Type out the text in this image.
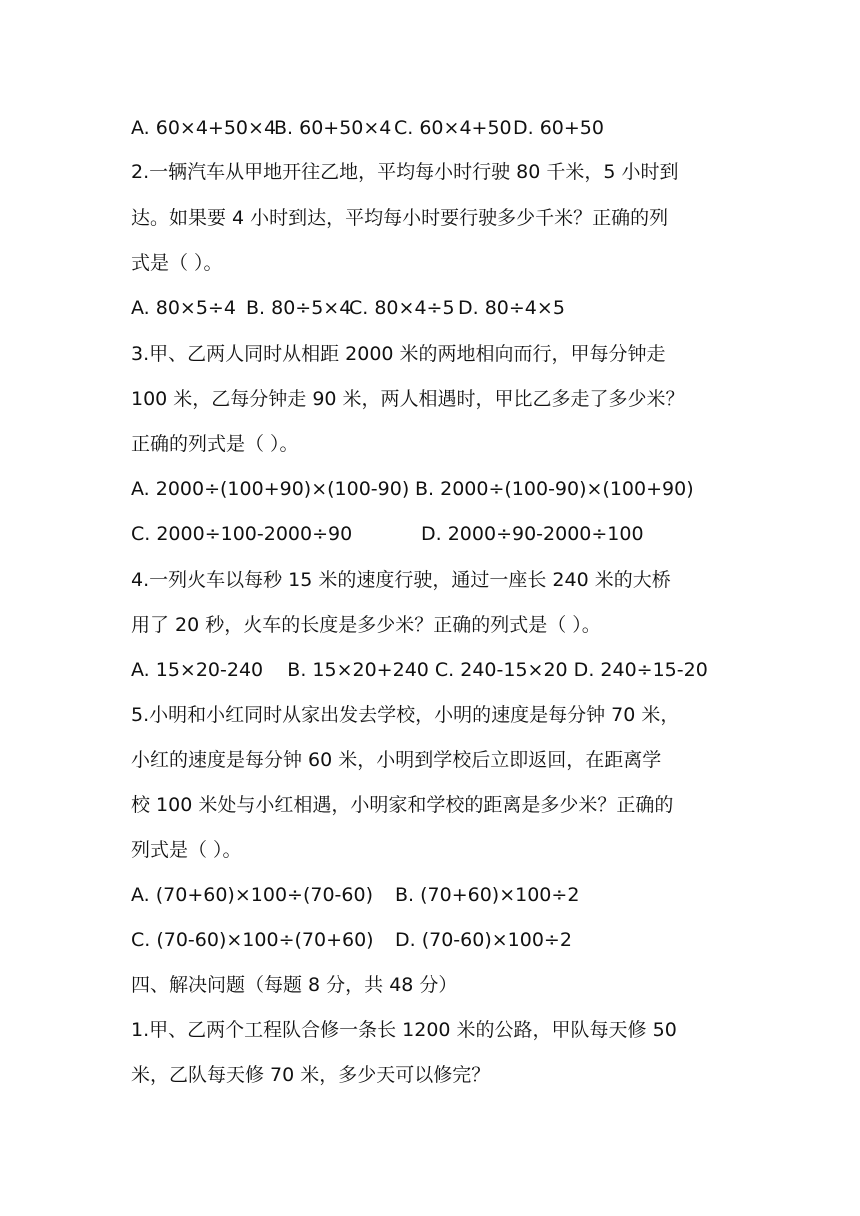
A. 60×4+50×4
B. 60+50×4 C. 60×4+50 D. 60+50
2.一辆汽车从甲地开往乙地，平均每小时行驶 80 千米，5 小时到
达。如果要 4 小时到达，平均每小时要行驶多少千米？正确的列
式是（ ）。
A. 80×5÷4 B. 80÷5×4
C. 80×4÷5 D. 80÷4×5
3.甲、乙两人同时从相距 2000 米的两地相向而行，甲每分钟走
100 米，乙每分钟走 90 米，两人相遇时，甲比乙多走了多少米？
正确的列式是（ ）。
A. 2000÷(100+90)×(100-90) B. 2000÷(100-90)×(100+90)
C. 2000÷100-2000÷90	D. 2000÷90-2000÷100
4.一列火车以每秒 15 米的速度行驶，通过一座长 240 米的大桥
用了 20 秒，火车的长度是多少米？正确的列式是（ ）。
A. 15×20-240    B. 15×20+240 C. 240-15×20 D. 240÷15-20
5.小明和小红同时从家出发去学校，小明的速度是每分钟 70 米，
小红的速度是每分钟 60 米，小明到学校后立即返回，在距离学
校 100 米处与小红相遇，小明家和学校的距离是多少米？正确的
列式是（ ）。
A. (70+60)×100÷(70-60) B. (70+60)×100÷2
C. (70-60)×100÷(70+60) D. (70-60)×100÷2
四、解决问题（每题 8 分，共 48 分）
1.甲、乙两个工程队合修一条长 1200 米的公路，甲队每天修 50
米，乙队每天修 70 米，多少天可以修完？
